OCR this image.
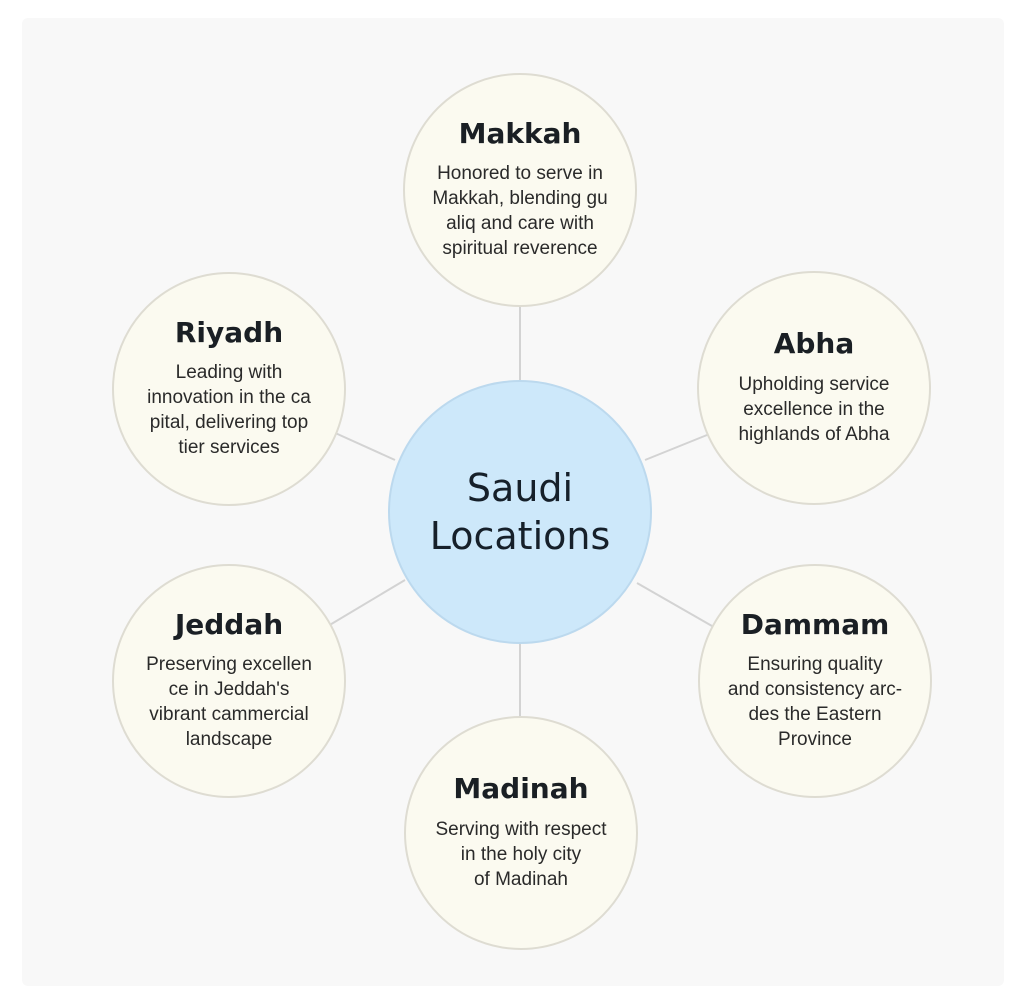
Saudi
Locations
Makkah
Honored to serve in
Makkah, blending gu
aliq and care with
spiritual reverence
Abha
Upholding service
excellence in the
highlands of Abha
Dammam
Ensuring quality
and consistency arc-
des the Eastern
Province
Madinah
Serving with respect
in the holy city
of Madinah
Jeddah
Preserving excellen
ce in Jeddah's
vibrant cammercial
landscape
Riyadh
Leading with
innovation in the ca
pital, delivering top
tier services
